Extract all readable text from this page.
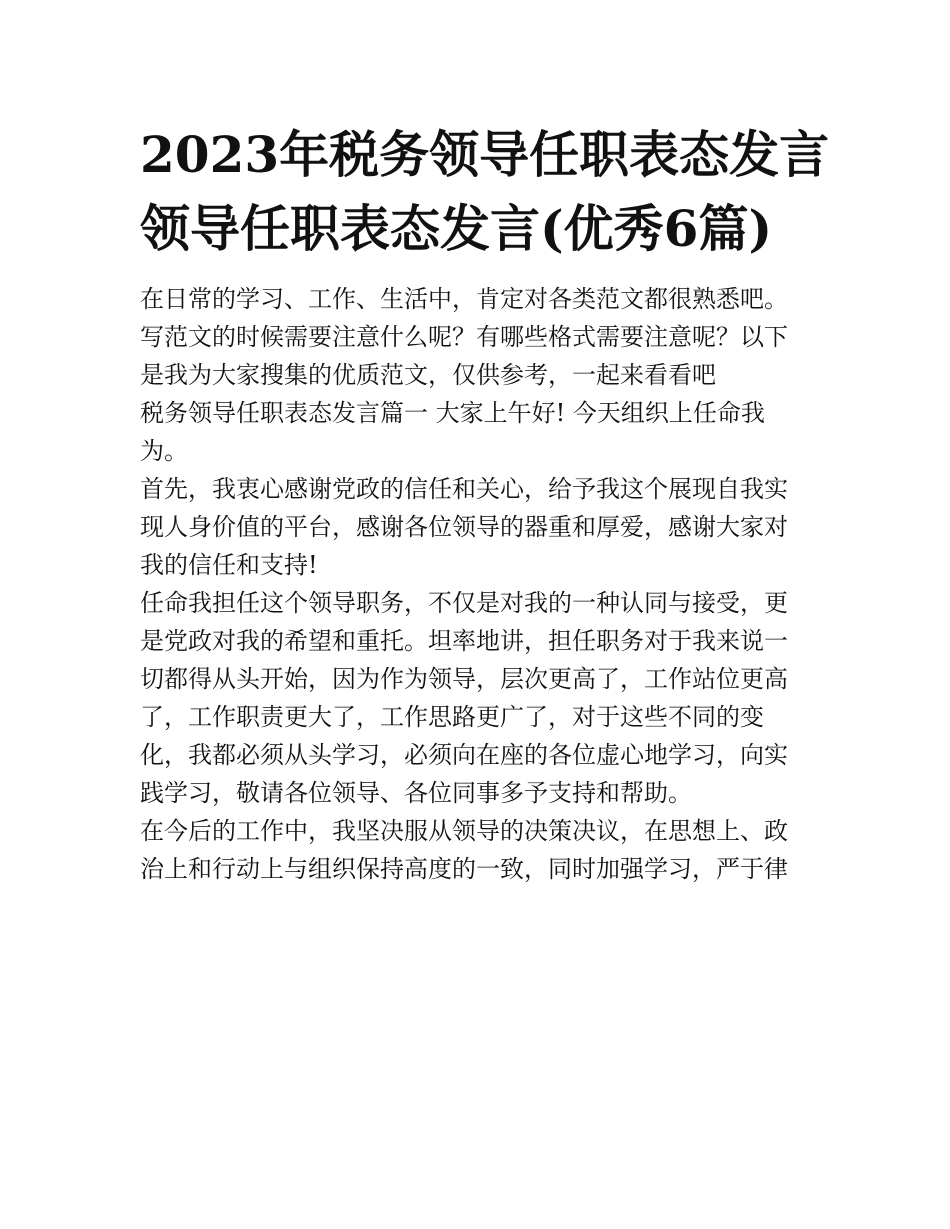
2023年税务领导任职表态发言
领导任职表态发言(优秀6篇)

在日常的学习、工作、生活中，肯定对各类范文都很熟悉吧。
写范文的时候需要注意什么呢？有哪些格式需要注意呢？以下
是我为大家搜集的优质范文，仅供参考，一起来看看吧

税务领导任职表态发言篇一 大家上午好! 今天组织上任命我
为。

首先，我衷心感谢党政的信任和关心，给予我这个展现自我实
现人身价值的平台，感谢各位领导的器重和厚爱，感谢大家对
我的信任和支持!

任命我担任这个领导职务，不仅是对我的一种认同与接受，更
是党政对我的希望和重托。坦率地讲，担任职务对于我来说一
切都得从头开始，因为作为领导，层次更高了，工作站位更高
了，工作职责更大了，工作思路更广了，对于这些不同的变
化，我都必须从头学习，必须向在座的各位虚心地学习，向实
践学习，敬请各位领导、各位同事多予支持和帮助。

在今后的工作中，我坚决服从领导的决策决议，在思想上、政
治上和行动上与组织保持高度的一致，同时加强学习，严于律
